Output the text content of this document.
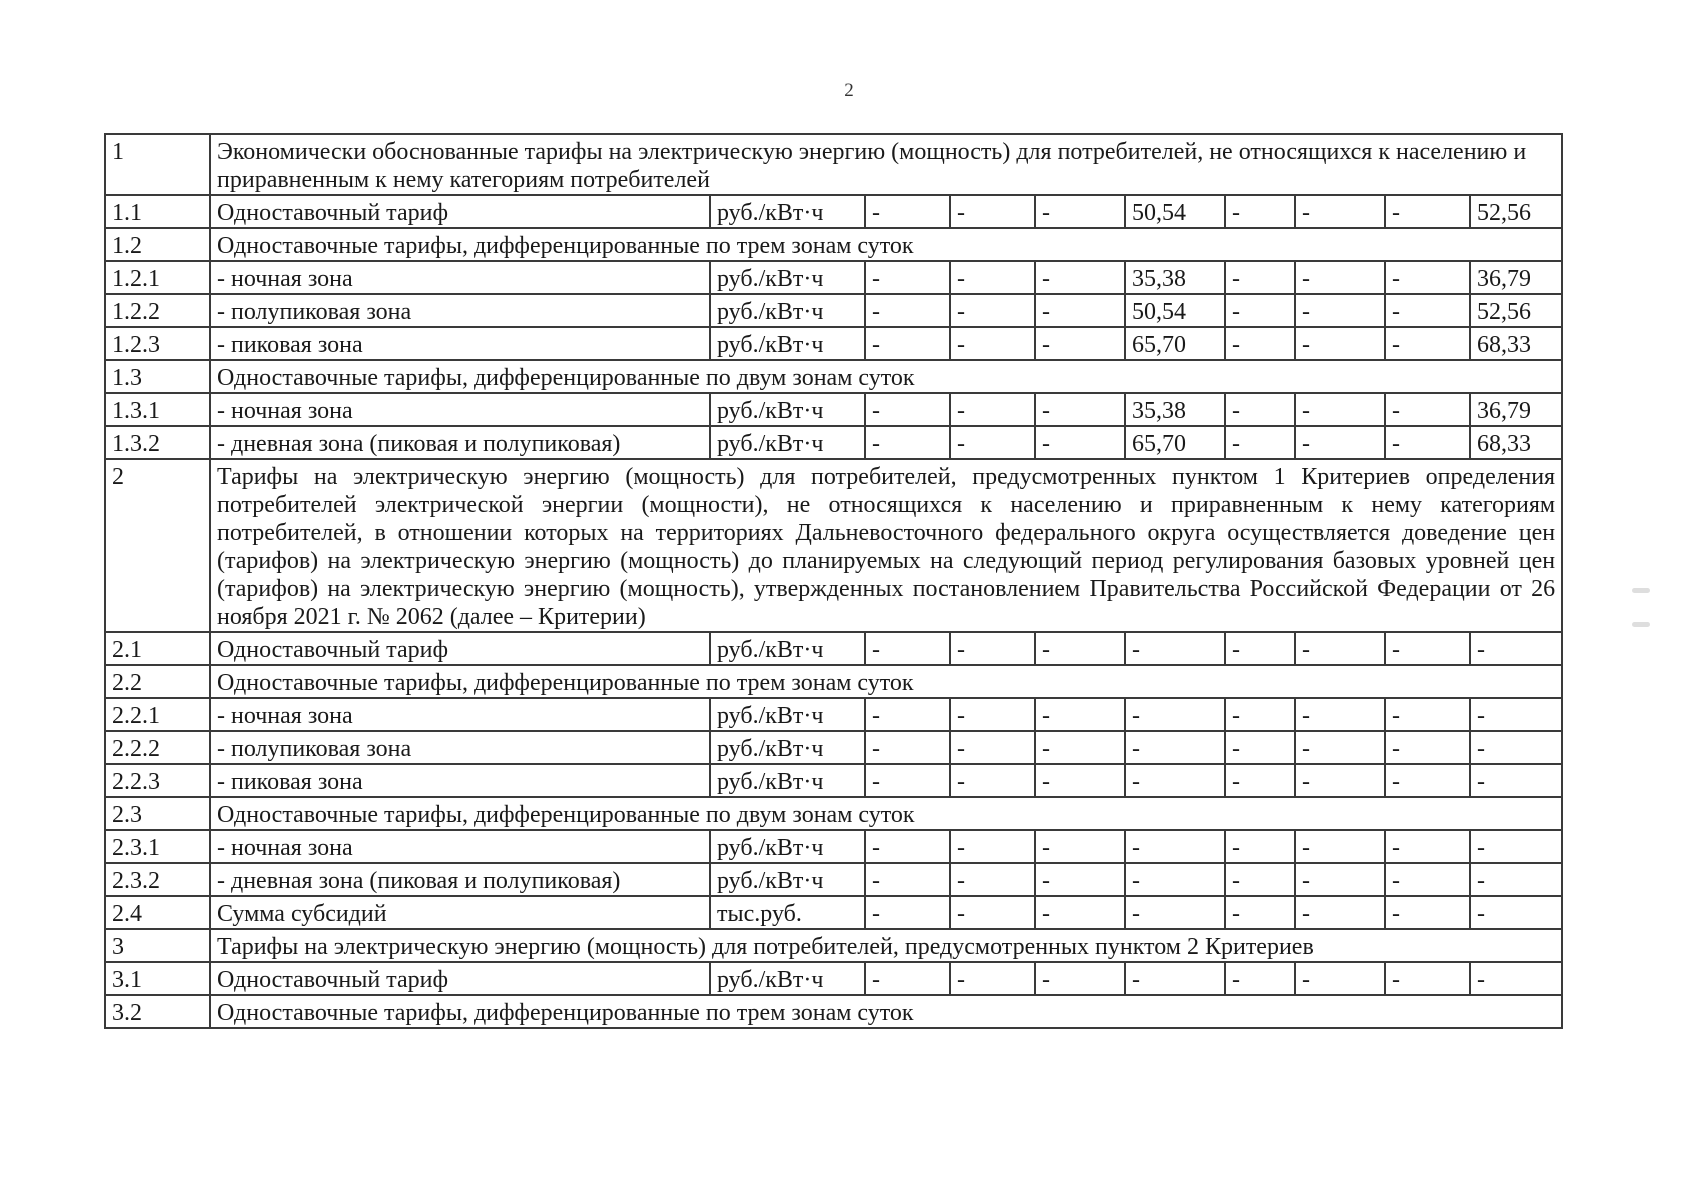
2
1	Экономически обоснованные тарифы на электрическую энергию (мощность) для потребителей, не относящихся к населению и приравненным к нему категориям потребителей									
1.1	Одноставочный тариф	руб./кВт·ч	-	-	-	50,54	-	-	-	52,56
1.2	Одноставочные тарифы, дифференцированные по трем зонам суток									
1.2.1	- ночная зона	руб./кВт·ч	-	-	-	35,38	-	-	-	36,79
1.2.2	- полупиковая зона	руб./кВт·ч	-	-	-	50,54	-	-	-	52,56
1.2.3	- пиковая зона	руб./кВт·ч	-	-	-	65,70	-	-	-	68,33
1.3	Одноставочные тарифы, дифференцированные по двум зонам суток									
1.3.1	- ночная зона	руб./кВт·ч	-	-	-	35,38	-	-	-	36,79
1.3.2	- дневная зона (пиковая и полупиковая)	руб./кВт·ч	-	-	-	65,70	-	-	-	68,33
2	Тарифы на электрическую энергию (мощность) для потребителей, предусмотренных пунктом 1 Критериев определения потребителей электрической энергии (мощности), не относящихся к населению и приравненным к нему категориям потребителей, в отношении которых на территориях Дальневосточного федерального округа осуществляется доведение цен (тарифов) на электрическую энергию (мощность) до планируемых на следующий период регулирования базовых уровней цен (тарифов) на электрическую энергию (мощность), утвержденных постановлением Правительства Российской Федерации от 26 ноября 2021 г. № 2062 (далее – Критерии)									
2.1	Одноставочный тариф	руб./кВт·ч	-	-	-	-	-	-	-	-
2.2	Одноставочные тарифы, дифференцированные по трем зонам суток									
2.2.1	- ночная зона	руб./кВт·ч	-	-	-	-	-	-	-	-
2.2.2	- полупиковая зона	руб./кВт·ч	-	-	-	-	-	-	-	-
2.2.3	- пиковая зона	руб./кВт·ч	-	-	-	-	-	-	-	-
2.3	Одноставочные тарифы, дифференцированные по двум зонам суток									
2.3.1	- ночная зона	руб./кВт·ч	-	-	-	-	-	-	-	-
2.3.2	- дневная зона (пиковая и полупиковая)	руб./кВт·ч	-	-	-	-	-	-	-	-
2.4	Сумма субсидий	тыс.руб.	-	-	-	-	-	-	-	-
3	Тарифы на электрическую энергию (мощность) для потребителей, предусмотренных пунктом 2 Критериев									
3.1	Одноставочный тариф	руб./кВт·ч	-	-	-	-	-	-	-	-
3.2	Одноставочные тарифы, дифференцированные по трем зонам суток									
